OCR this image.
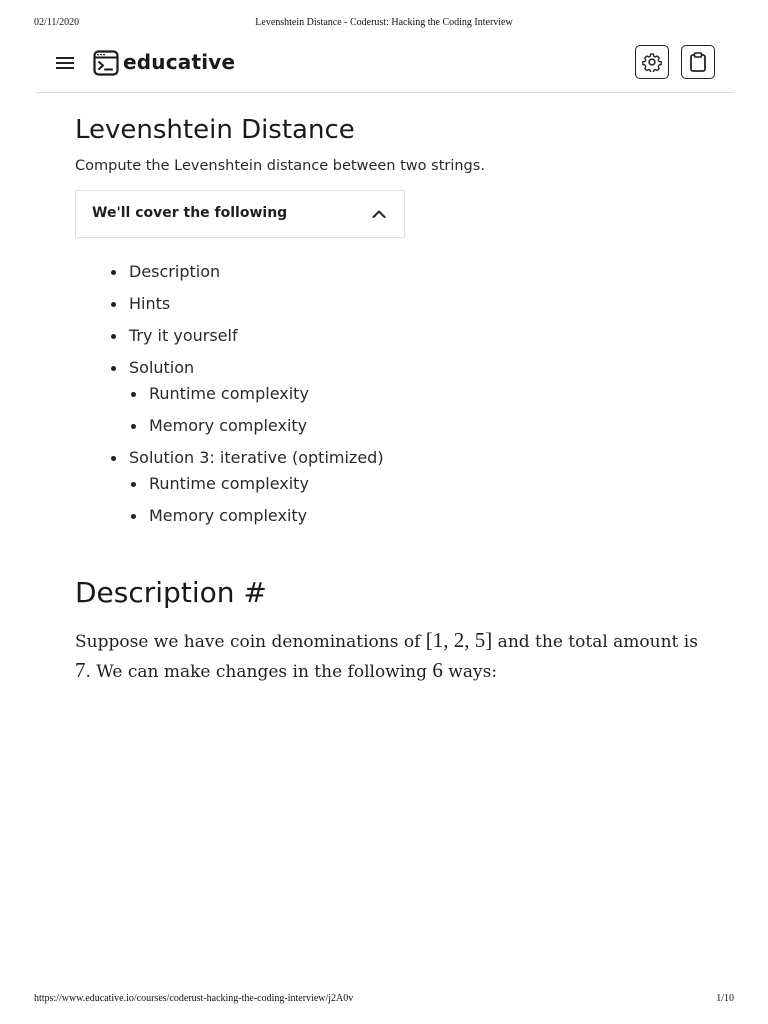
02/11/2020	Levenshtein Distance - Coderust: Hacking the Coding Interview
educative
Levenshtein Distance
Compute the Levenshtein distance between two strings.
We'll cover the following
Description
Hints
Try it yourself
Solution
Runtime complexity
Memory complexity
Solution 3: iterative (optimized)
Runtime complexity
Memory complexity
Description #
Suppose we have coin denominations of [1, 2, 5] and the total amount is 7. We can make changes in the following 6 ways:
https://www.educative.io/courses/coderust-hacking-the-coding-interview/j2A0v	1/10
